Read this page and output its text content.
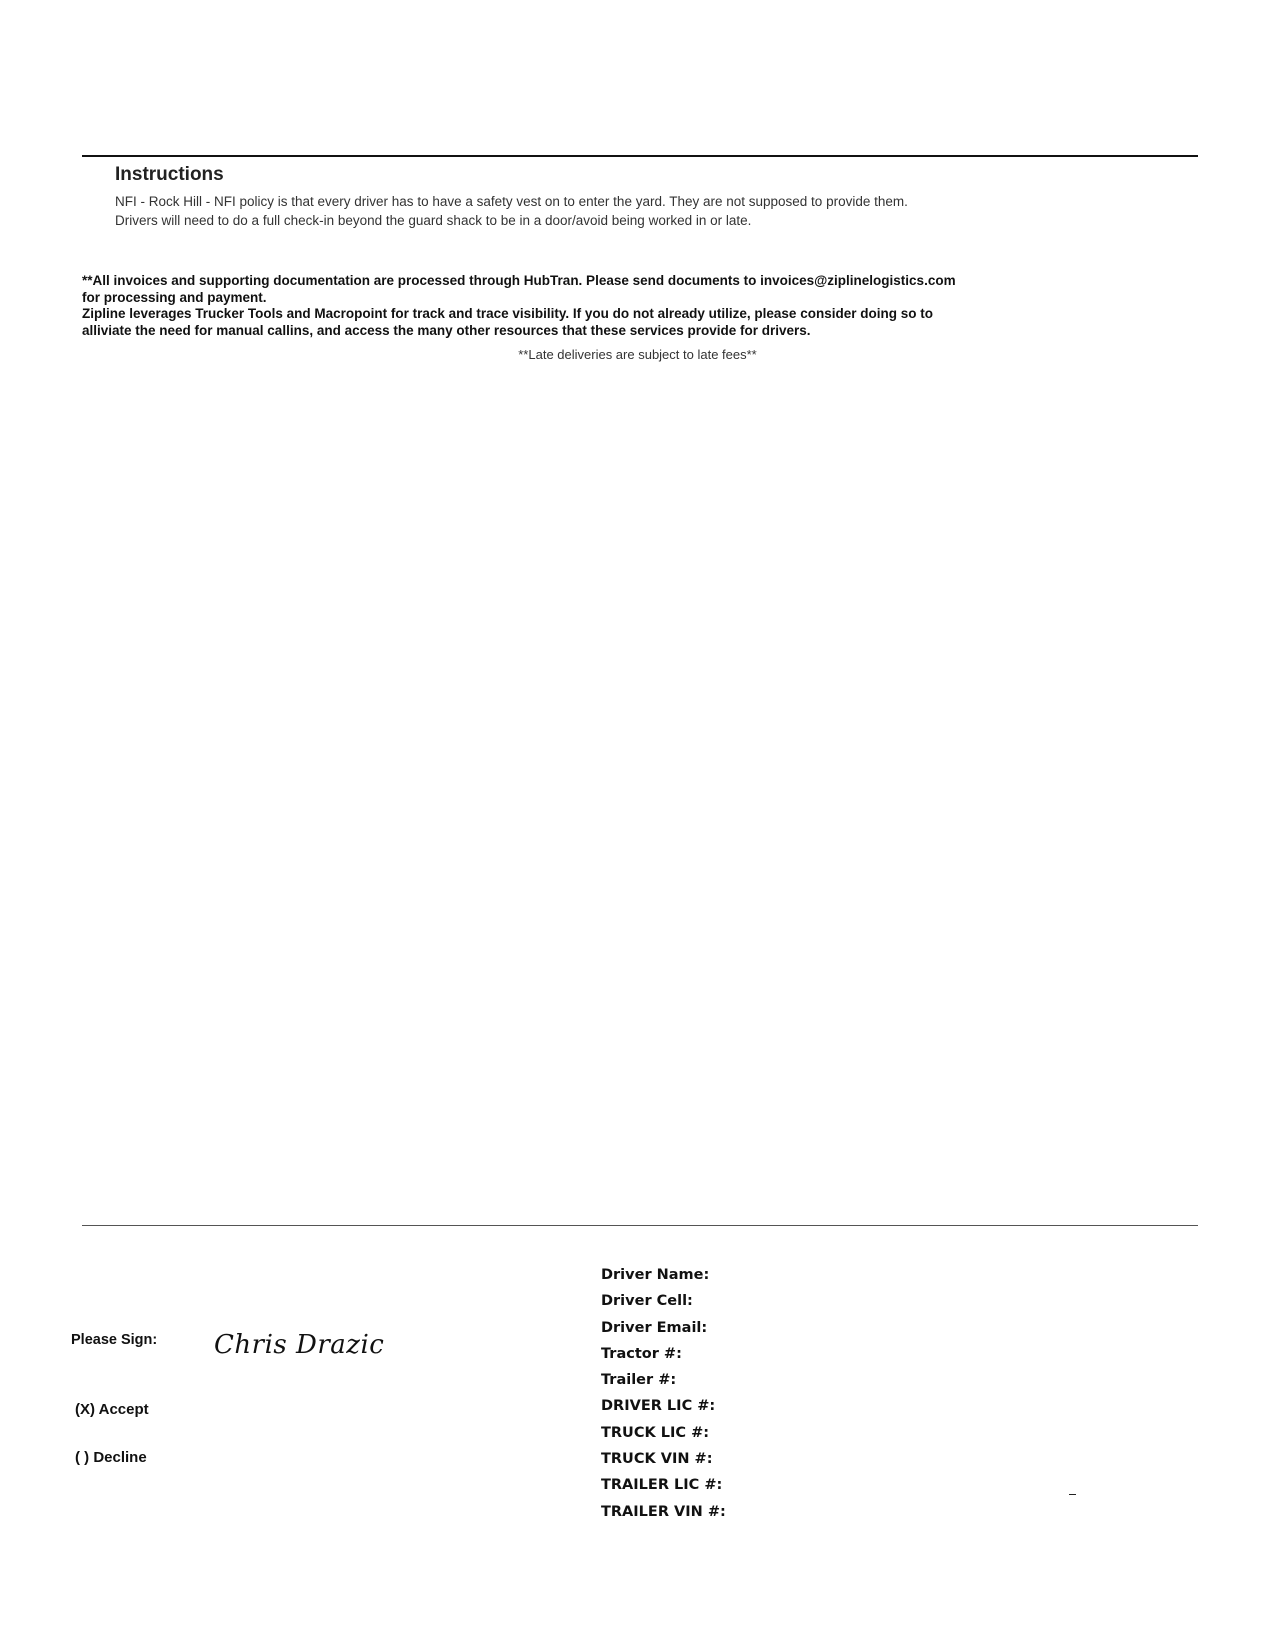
Instructions
NFI - Rock Hill - NFI policy is that every driver has to have a safety vest on to enter the yard. They are not supposed to provide them.
Drivers will need to do a full check-in beyond the guard shack to be in a door/avoid being worked in or late.
**All invoices and supporting documentation are processed through HubTran. Please send documents to invoices@ziplinelogistics.com
for processing and payment.
Zipline leverages Trucker Tools and Macropoint for track and trace visibility. If you do not already utilize, please consider doing so to
alliviate the need for manual callins, and access the many other resources that these services provide for drivers.
**Late deliveries are subject to late fees**
Please Sign: Chris Drazic
(X) Accept
( ) Decline
Driver Name:
Driver Cell:
Driver Email:
Tractor #:
Trailer #:
DRIVER LIC #:
TRUCK LIC #:
TRUCK VIN #:
TRAILER LIC #:
TRAILER VIN #:
